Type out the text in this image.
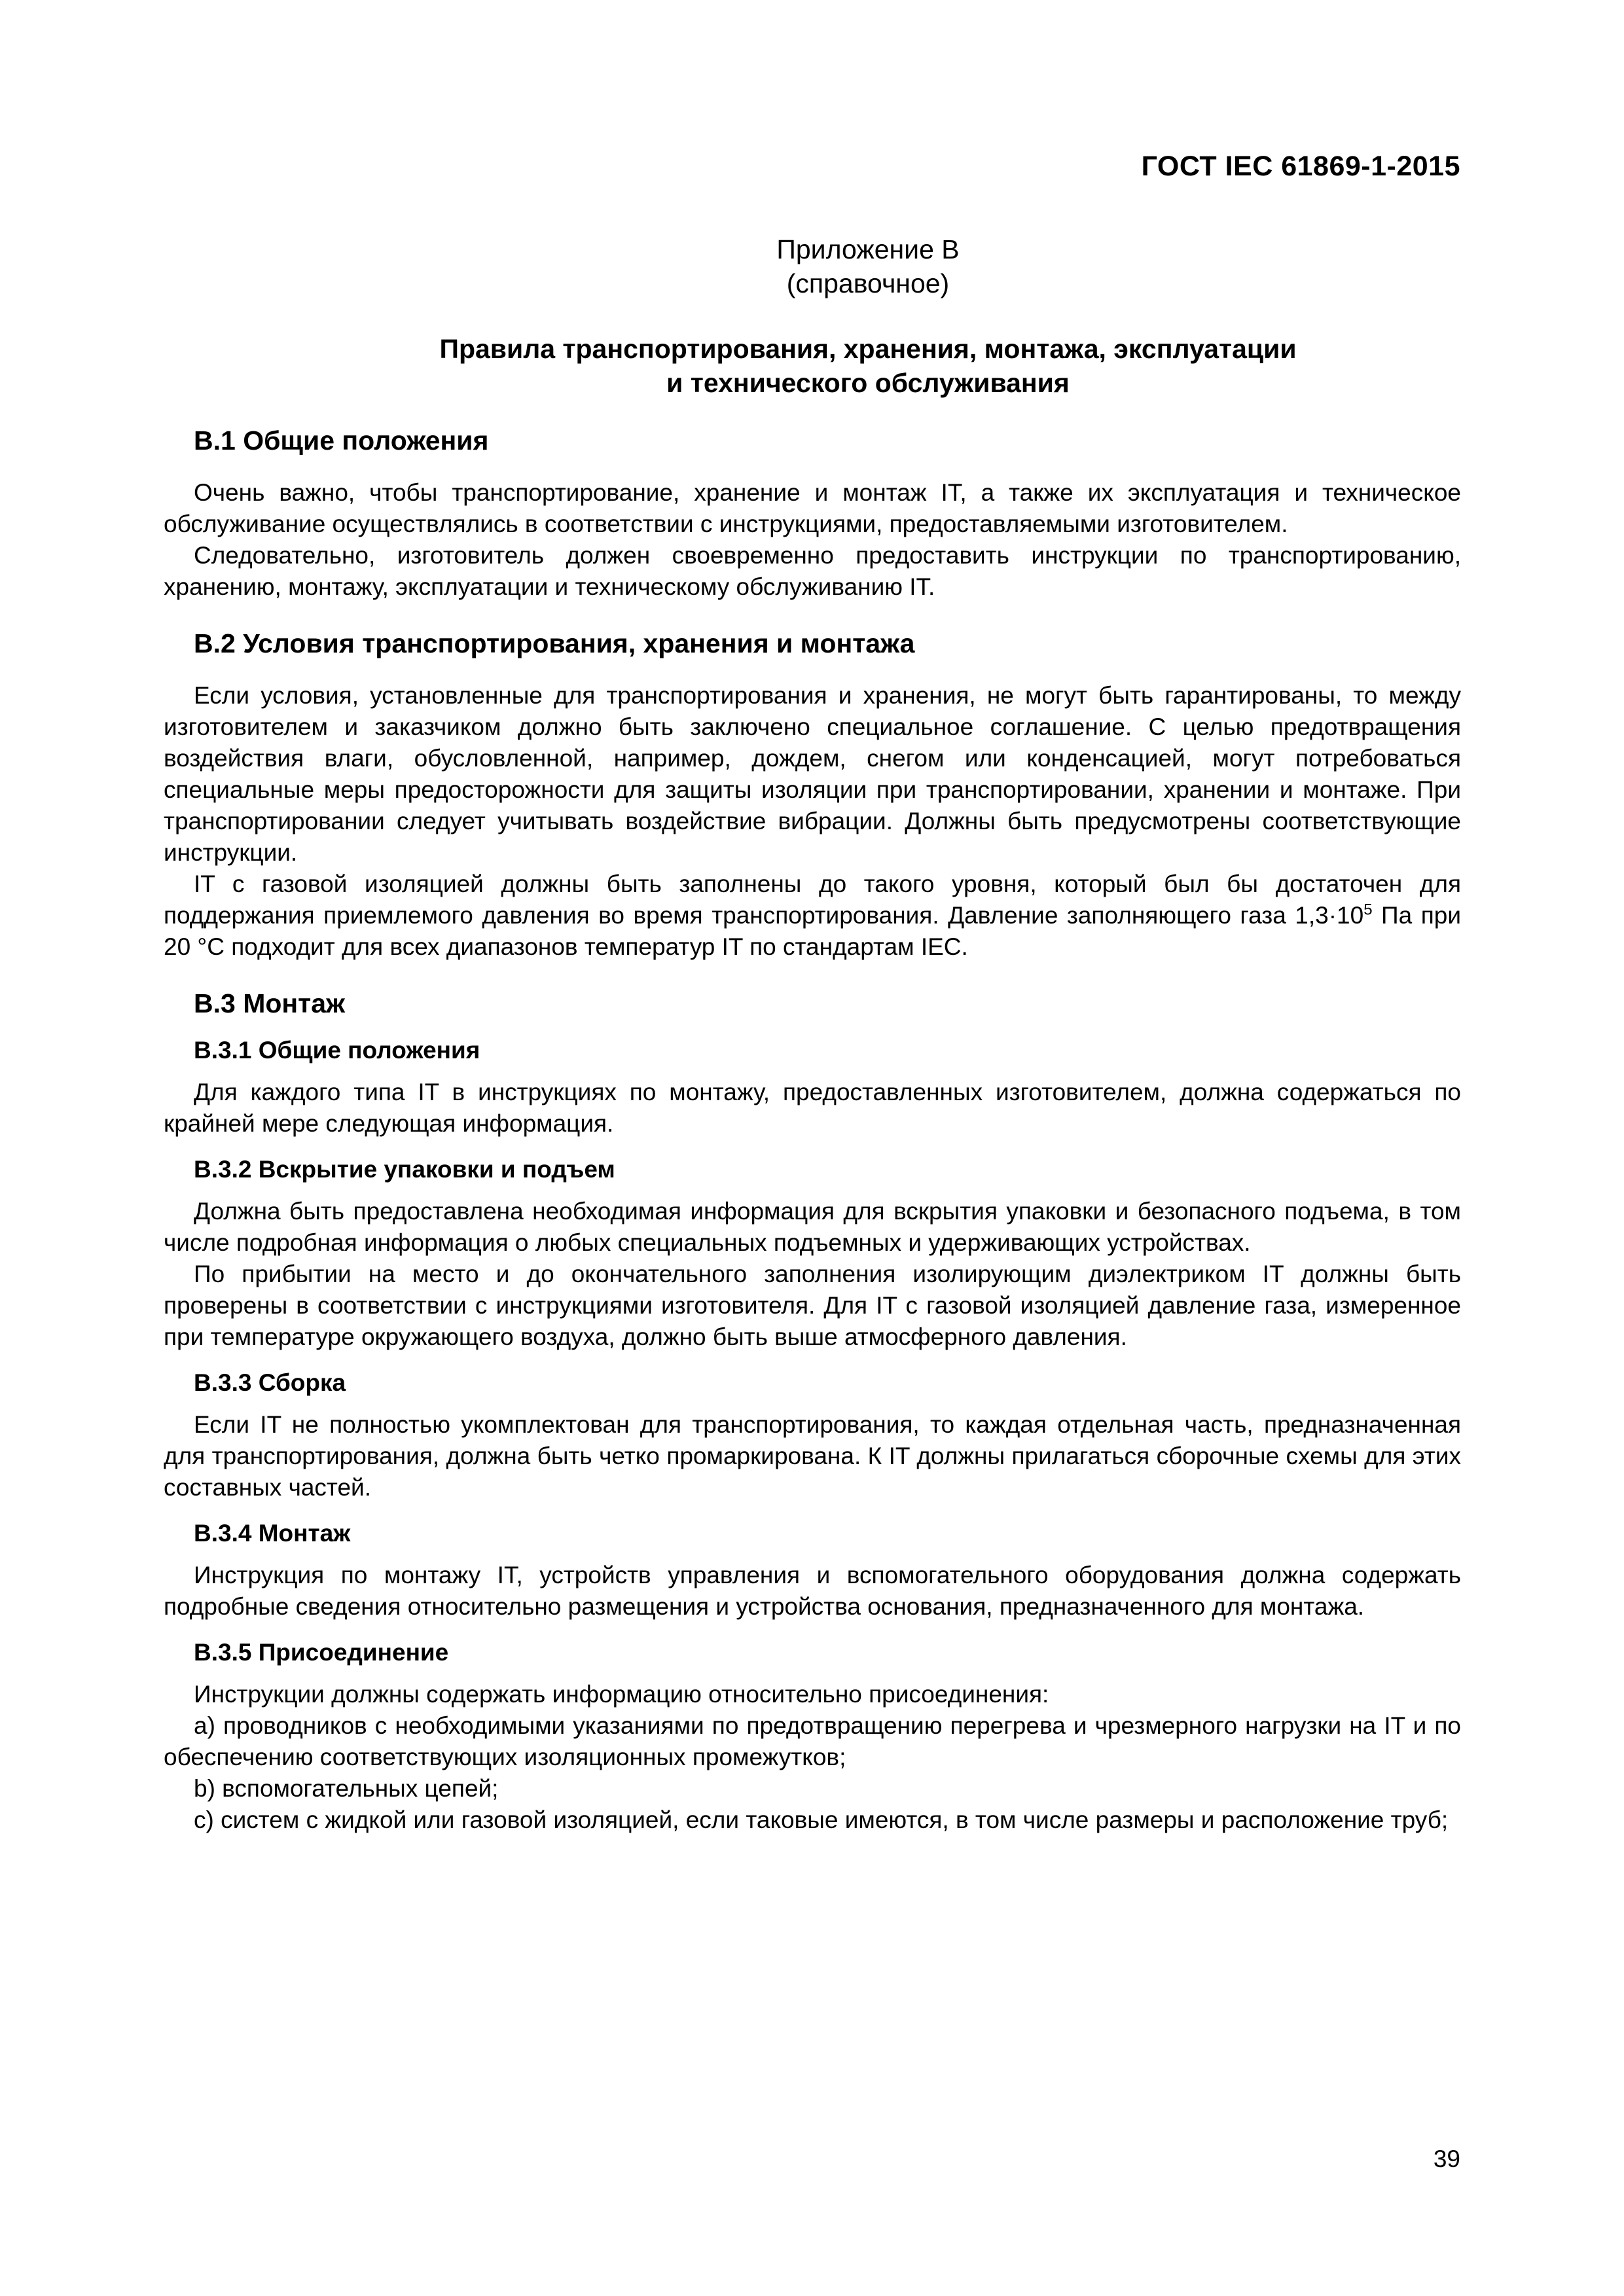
ГОСТ IEC 61869-1-2015
Приложение В
(справочное)
Правила транспортирования, хранения, монтажа, эксплуатации
и технического обслуживания
В.1 Общие положения

Очень важно, чтобы транспортирование, хранение и монтаж IT, а также их эксплуатация и техническое обслуживание осуществлялись в соответствии с инструкциями, предоставляемыми изготовителем.

Следовательно, изготовитель должен своевременно предоставить инструкции по транспортированию, хранению, монтажу, эксплуатации и техническому обслуживанию IT.

В.2 Условия транспортирования, хранения и монтажа

Если условия, установленные для транспортирования и хранения, не могут быть гарантированы, то между изготовителем и заказчиком должно быть заключено специальное соглашение. С целью предотвращения воздействия влаги, обусловленной, например, дождем, снегом или конденсацией, могут потребоваться специальные меры предосторожности для защиты изоляции при транспортировании, хранении и монтаже. При транспортировании следует учитывать воздействие вибрации. Должны быть предусмотрены соответствующие инструкции.

IT с газовой изоляцией должны быть заполнены до такого уровня, который был бы достаточен для поддержания приемлемого давления во время транспортирования. Давление заполняющего газа $1,3\cdot 10^5$ Па при 20 °С подходит для всех диапазонов температур IT по стандартам IEC.

В.3 Монтаж
В.3.1 Общие положения

Для каждого типа IT в инструкциях по монтажу, предоставленных изготовителем, должна содержаться по крайней мере следующая информация.

В.3.2 Вскрытие упаковки и подъем

Должна быть предоставлена необходимая информация для вскрытия упаковки и безопасного подъема, в том числе подробная информация о любых специальных подъемных и удерживающих устройствах.

По прибытии на место и до окончательного заполнения изолирующим диэлектриком IT должны быть проверены в соответствии с инструкциями изготовителя. Для IT с газовой изоляцией давление газа, измеренное при температуре окружающего воздуха, должно быть выше атмосферного давления.

В.3.3 Сборка

Если IT не полностью укомплектован для транспортирования, то каждая отдельная часть, предназначенная для транспортирования, должна быть четко промаркирована. К IT должны прилагаться сборочные схемы для этих составных частей.

В.3.4 Монтаж

Инструкция по монтажу IT, устройств управления и вспомогательного оборудования должна содержать подробные сведения относительно размещения и устройства основания, предназначенного для монтажа.

В.3.5 Присоединение

Инструкции должны содержать информацию относительно присоединения:

a) проводников с необходимыми указаниями по предотвращению перегрева и чрезмерного нагрузки на IT и по обеспечению соответствующих изоляционных промежутков;

b) вспомогательных цепей;

c) систем с жидкой или газовой изоляцией, если таковые имеются, в том числе размеры и расположение труб;

39
